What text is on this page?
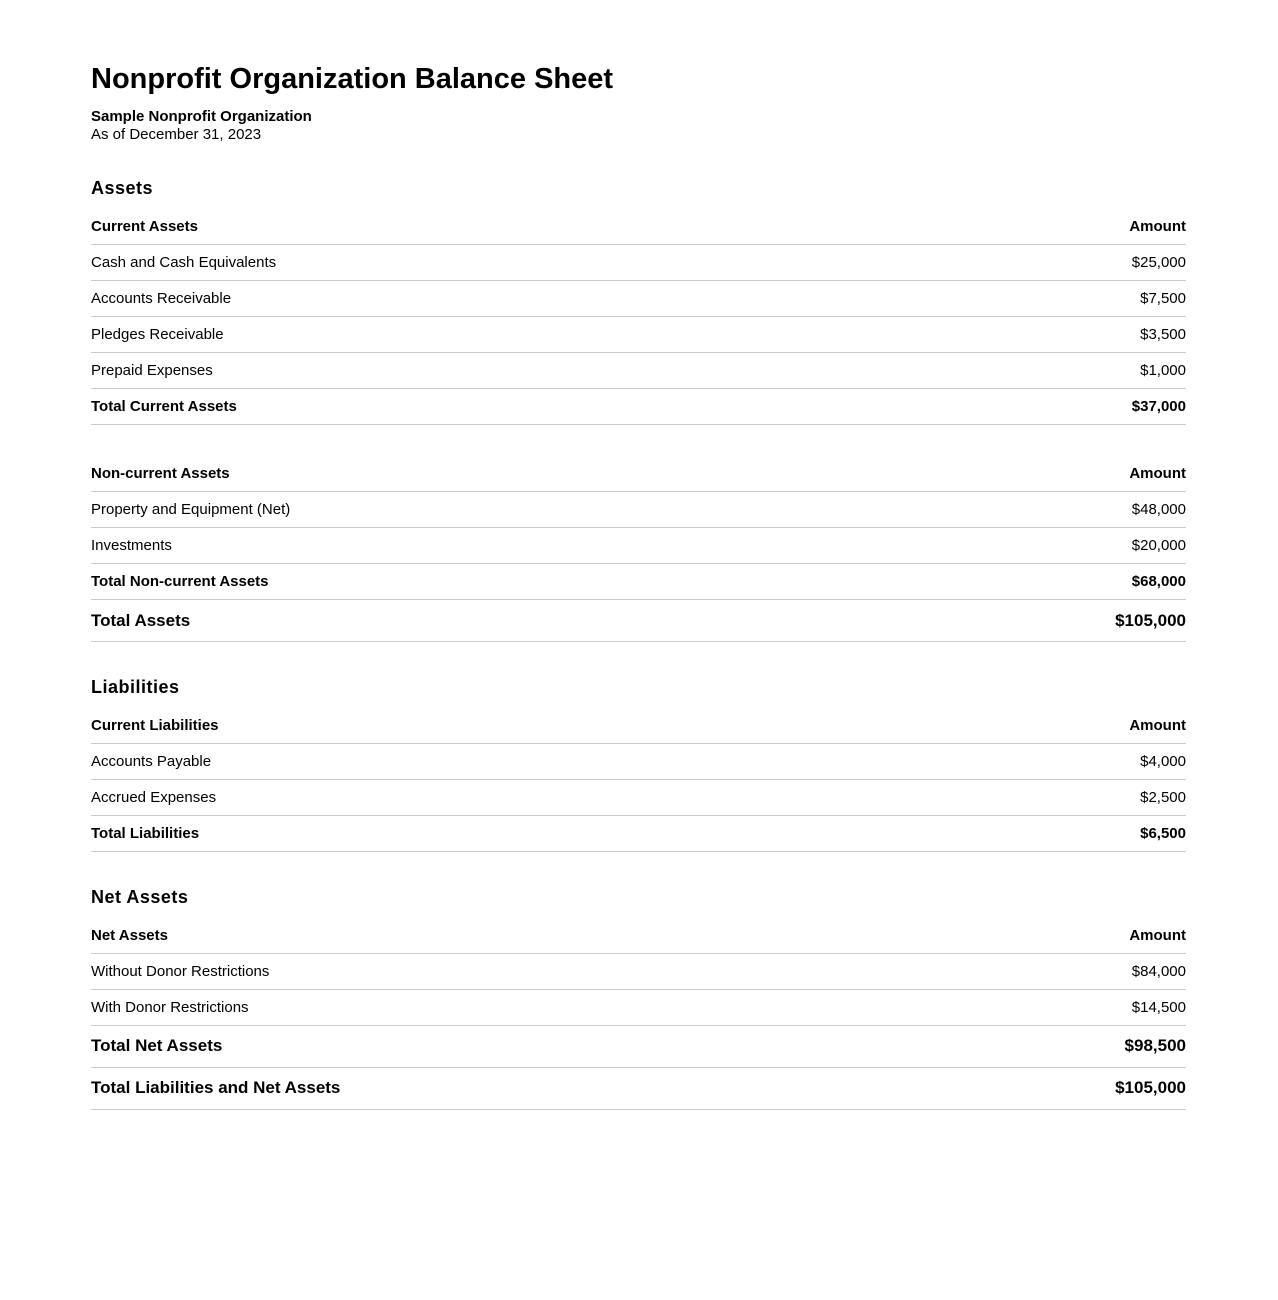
Nonprofit Organization Balance Sheet
Sample Nonprofit Organization
As of December 31, 2023
Assets
Current Assets	Amount
Cash and Cash Equivalents	$25,000
Accounts Receivable	$7,500
Pledges Receivable	$3,500
Prepaid Expenses	$1,000
Total Current Assets	$37,000
Non-current Assets	Amount
Property and Equipment (Net)	$48,000
Investments	$20,000
Total Non-current Assets	$68,000
Total Assets	$105,000
Liabilities
Current Liabilities	Amount
Accounts Payable	$4,000
Accrued Expenses	$2,500
Total Liabilities	$6,500
Net Assets
Net Assets	Amount
Without Donor Restrictions	$84,000
With Donor Restrictions	$14,500
Total Net Assets	$98,500
Total Liabilities and Net Assets	$105,000
